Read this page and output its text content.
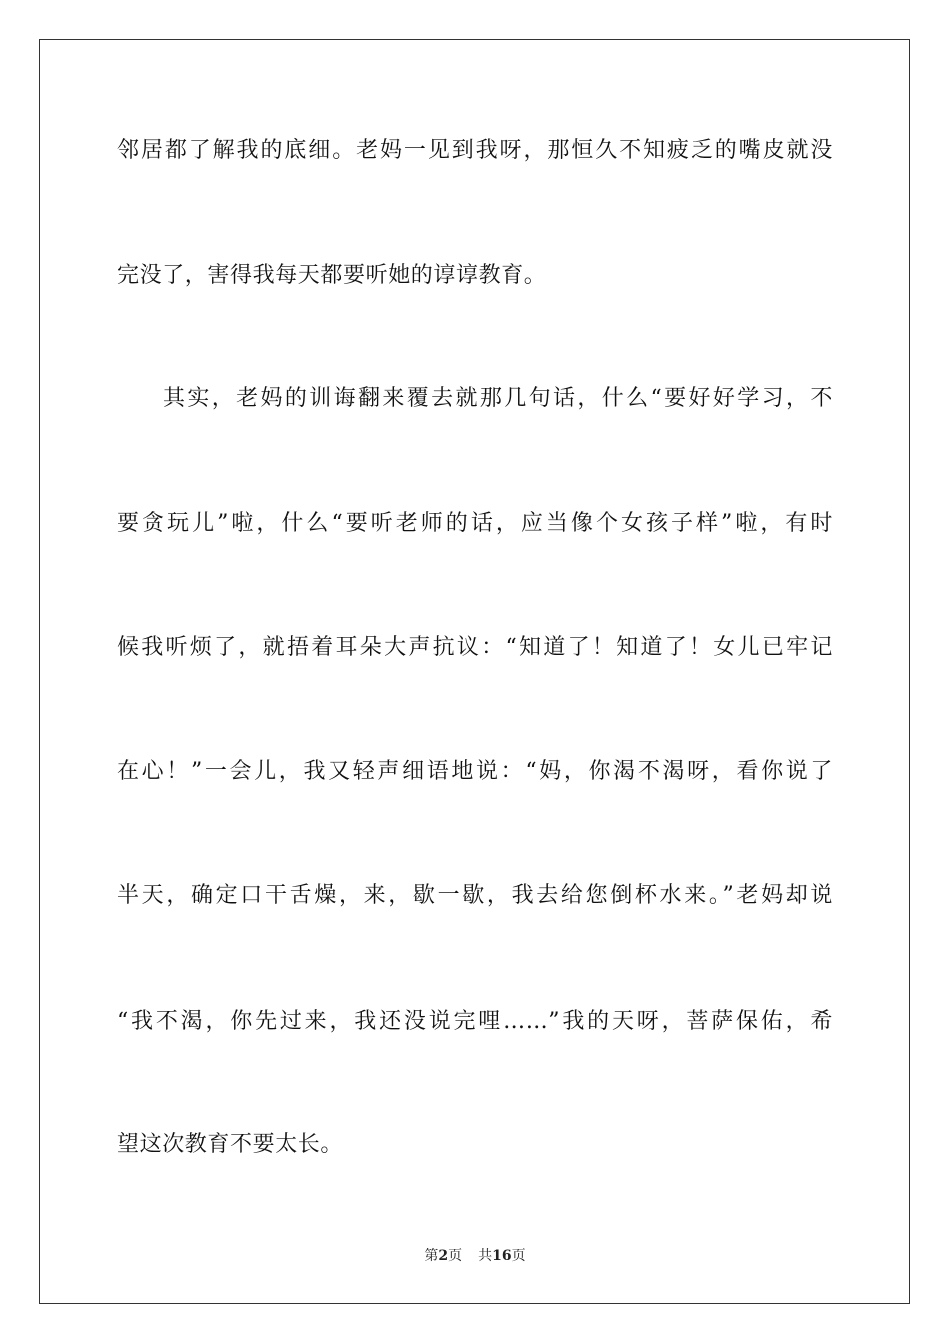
邻居都了解我的底细。老妈一见到我呀，那恒久不知疲乏的嘴皮就没
完没了，害得我每天都要听她的谆谆教育。
其实，老妈的训诲翻来覆去就那几句话，什么“要好好学习，不
要贪玩儿”啦，什么“要听老师的话，应当像个女孩子样”啦，有时
候我听烦了，就捂着耳朵大声抗议：“知道了！知道了！女儿已牢记
在心！”一会儿，我又轻声细语地说：“妈，你渴不渴呀，看你说了
半天，确定口干舌燥，来，歇一歇，我去给您倒杯水来。”老妈却说
“我不渴，你先过来，我还没说完哩……”我的天呀，菩萨保佑，希
望这次教育不要太长。
第2页 共16页
